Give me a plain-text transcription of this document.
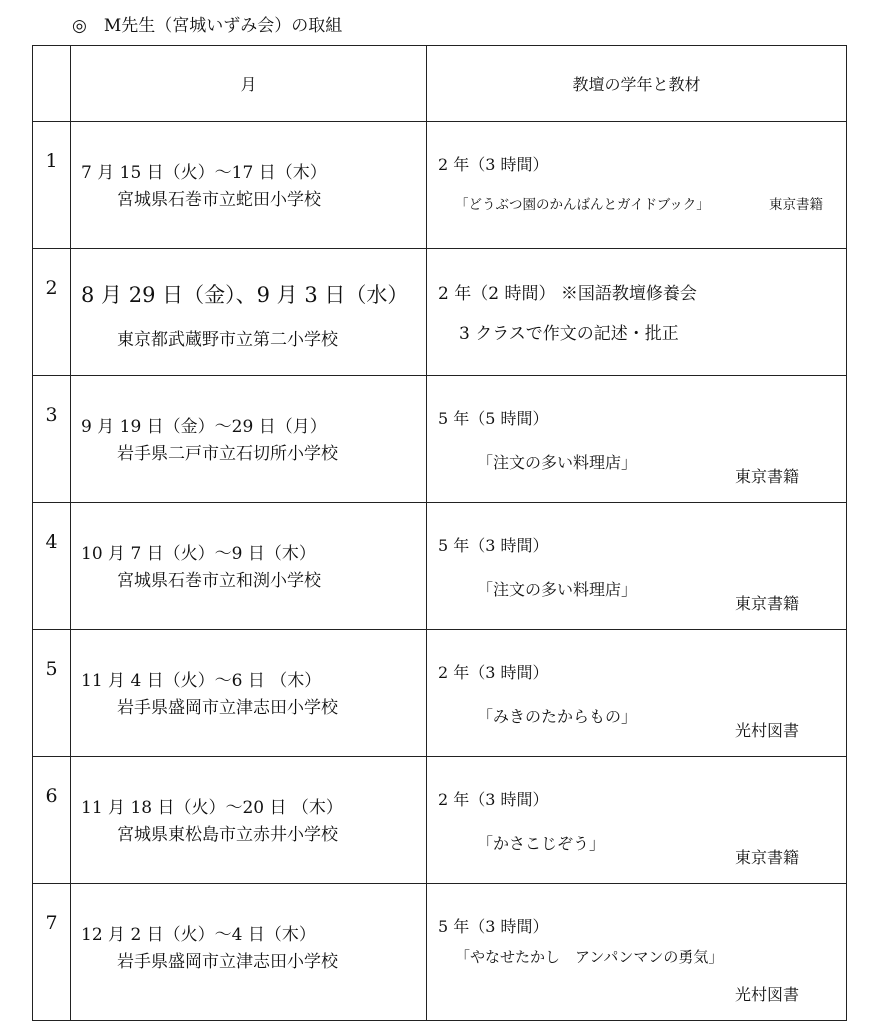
◎　M先生（宮城いずみ会）の取組
	月	教壇の学年と教材

1	7 月 15 日（火）～17 日（木）
宮城県石巻市立蛇田小学校	2 年（3 時間）
「どうぶつ園のかんばんとガイドブック」 東京書籍

2	8 月 29 日（金）、9 月 3 日（水）
東京都武蔵野市立第二小学校	2 年（2 時間） ※国語教壇修養会
3 クラスで作文の記述・批正

3	9 月 19 日（金）～29 日（月）
岩手県二戸市立石切所小学校	5 年（5 時間）
「注文の多い料理店」
東京書籍

4	10 月 7 日（火）～9 日（木）
宮城県石巻市立和渕小学校	5 年（3 時間）
「注文の多い料理店」
東京書籍

5	11 月 4 日（火）～6 日 （木）
岩手県盛岡市立津志田小学校	2 年（3 時間）
「みきのたからもの」
光村図書

6	11 月 18 日（火）～20 日 （木）
宮城県東松島市立赤井小学校	2 年（3 時間）
「かさこじぞう」
東京書籍

7	12 月 2 日（火）～4 日（木）
岩手県盛岡市立津志田小学校	5 年（3 時間）
「やなせたかし　アンパンマンの勇気」
光村図書
